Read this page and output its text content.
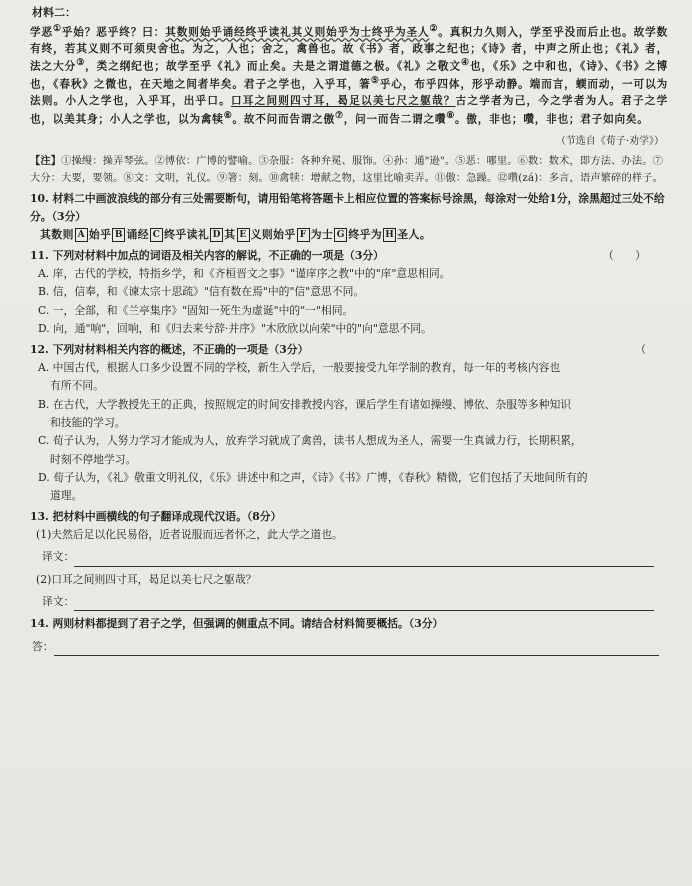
材料二：
学恶①乎始？恶乎终？曰：其数则始乎诵经终乎读礼其义则始乎为士终乎为圣人②。真积力久则入，学至乎没而后止也。故学数有终，若其义则不可须臾舍也。为之，人也；舍之，禽兽也。故《书》者，政事之纪也；《诗》者，中声之所止也；《礼》者，法之大分③，类之纲纪也；故学至乎《礼》而止矣。夫是之谓道德之极。《礼》之敬文④也，《乐》之中和也，《诗》、《书》之博也，《春秋》之微也，在天地之间者毕矣。君子之学也，入乎耳，箸⑤乎心，布乎四体，形乎动静。端而言，蝡而动，一可以为法则。小人之学也，入乎耳，出乎口。口耳之间则四寸耳，曷足以美七尺之躯哉？古之学者为己，今之学者为人。君子之学也，以美其身；小人之学也，以为禽犊⑥。故不问而告谓之傲⑦，问一而告二谓之囋⑧。傲，非也；囋，非也；君子如向矣。
（节选自《荀子·劝学》）
【注】①操缦：操弄琴弦。②博依：广博的譬喻。③杂服：各种弁冕、服饰。④孙：通"逊"。⑤恶：哪里。⑥数：数术，即方法、办法。⑦大分：大要，要领。⑧文：文明，礼仪。⑨箸：刻。⑩禽犊：增献之物，这里比喻卖弄。⑪傲：急躁。⑫囋(zá)：多言，语声繁碎的样子。
10. 材料二中画波浪线的部分有三处需要断句，请用铅笔将答题卡上相应位置的答案标号涂黑，每涂对一处给1分，涂黑超过三处不给分。（3分）
其数则 A 始乎 B 诵经 C 终乎读礼 D 其 E 义则始乎 F 为士 G 终乎为 H 圣人。
11. 下列对材料中加点的词语及相关内容的解说，不正确的一项是（3分）	（　　）
A. 庠，古代的学校，特指乡学，和《齐桓晋文之事》"谨庠序之教"中的"庠"意思相同。
B. 信，信奉，和《谏太宗十思疏》"信有数在焉"中的"信"意思不同。
C. 一，全部，和《兰亭集序》"固知一死生为虚诞"中的"一"相同。
D. 向，通"响"，回响，和《归去来兮辞·并序》"木欣欣以向荣"中的"向"意思不同。
12. 下列对材料相关内容的概述，不正确的一项是（3分）	（
A. 中国古代，根据人口多少设置不同的学校，新生入学后，一般要接受九年学制的教育，每一年的考核内容也
有所不同。
B. 在古代，大学教授先王的正典，按照规定的时间安排教授内容，课后学生有诸如操缦、博依、杂服等多种知识
和技能的学习。
C. 荀子认为，人努力学习才能成为人，放弃学习就成了禽兽，读书人想成为圣人，需要一生真诚力行，长期积累，
时刻不停地学习。
D. 荀子认为，《礼》敬重文明礼仪，《乐》讲述中和之声，《诗》《书》广博，《春秋》精微，它们包括了天地间所有的
道理。
13. 把材料中画横线的句子翻译成现代汉语。（8分）
(1)夫然后足以化民易俗，近者说服而远者怀之，此大学之道也。
译文：
(2)口耳之间则四寸耳，曷足以美七尺之躯哉？
译文：
14. 两则材料都提到了君子之学，但强调的侧重点不同。请结合材料简要概括。（3分）
答：
